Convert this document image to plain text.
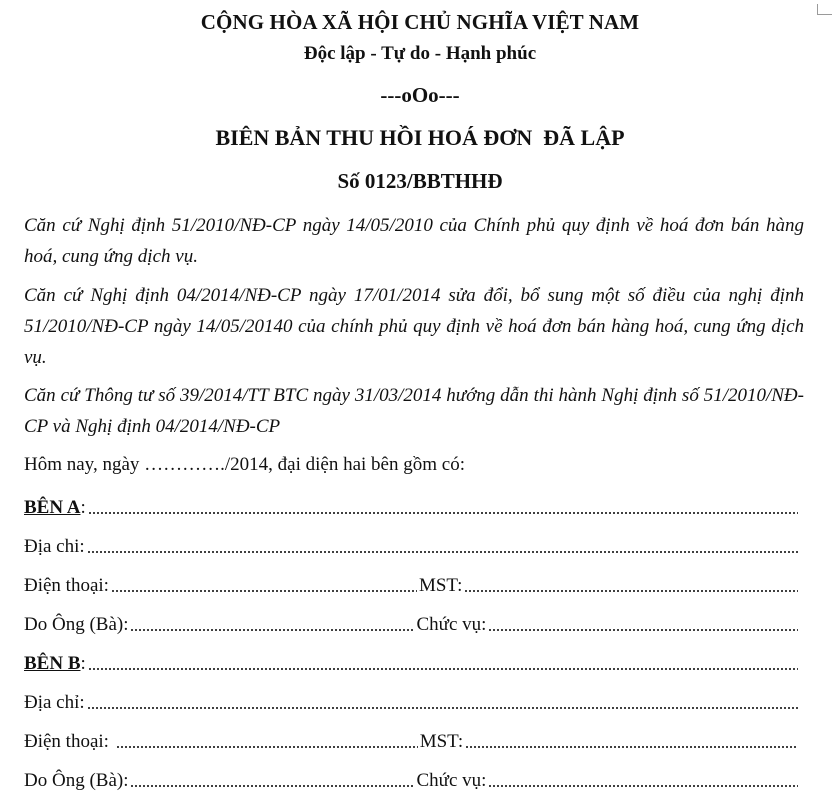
CỘNG HÒA XÃ HỘI CHỦ NGHĨA VIỆT NAM
Độc lập - Tự do - Hạnh phúc
---oOo---
BIÊN BẢN THU HỒI HOÁ ĐƠN  ĐÃ LẬP
Số 0123/BBTHHĐ
Căn cứ Nghị định 51/2010/NĐ-CP ngày 14/05/2010 của Chính phủ quy định về hoá đơn bán hàng hoá, cung ứng dịch vụ.
Căn cứ Nghị định 04/2014/NĐ-CP ngày 17/01/2014 sửa đổi, bổ sung một số điều của nghị định 51/2010/NĐ-CP ngày 14/05/20140 của chính phủ quy định về hoá đơn bán hàng hoá, cung ứng dịch vụ.
Căn cứ Thông tư số 39/2014/TT BTC ngày 31/03/2014 hướng dẫn thi hành Nghị định số 51/2010/NĐ-CP và Nghị định 04/2014/NĐ-CP
Hôm nay, ngày …………./2014, đại diện hai bên gồm có:
BÊN A :
Địa chi:
Điện thoại:	MST:
Do Ông (Bà):	Chức vụ:
BÊN B :
Địa chỉ:
Điện thoại:	MST:
Do Ông (Bà):	Chức vụ:
